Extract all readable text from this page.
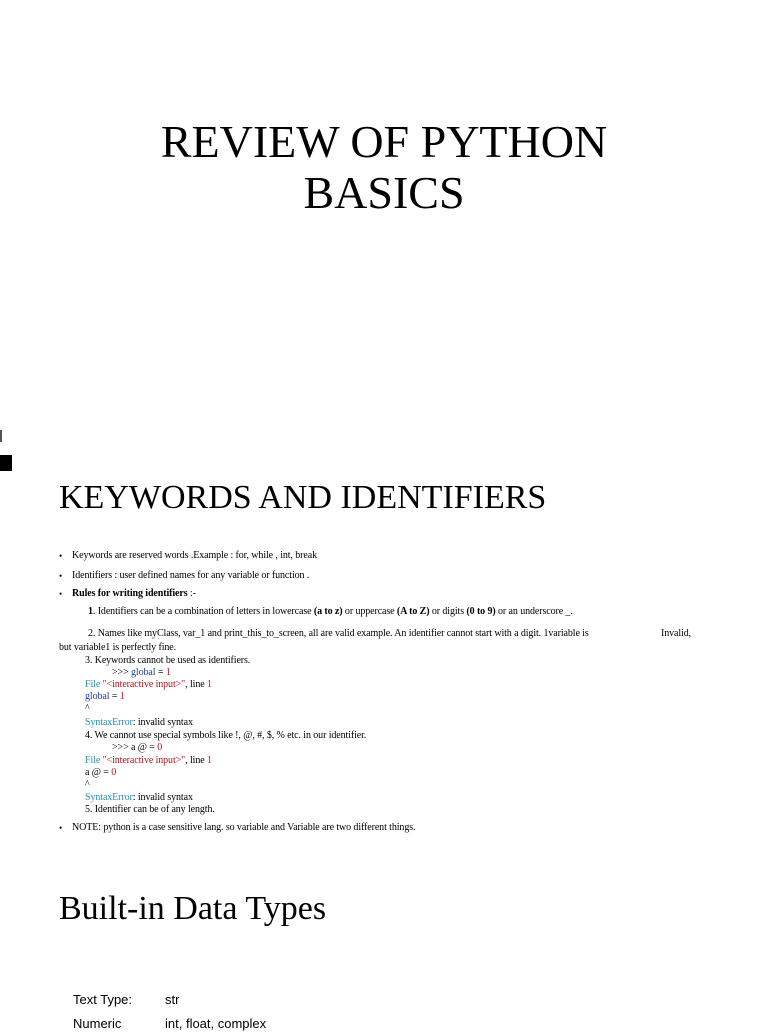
REVIEW OF PYTHON
BASICS
KEYWORDS AND IDENTIFIERS
• Keywords are reserved words .Example : for, while , int, break
• Identifiers : user defined names for any variable or function .
• Rules for writing identifiers :-
1. Identifiers can be a combination of letters in lowercase (a to z) or uppercase (A to Z) or digits (0 to 9) or an underscore _.
2. Names like myClass, var_1 and print_this_to_screen, all are valid example. An identifier cannot start with a digit. 1variable is	Invalid,
but variable1 is perfectly fine.
3. Keywords cannot be used as identifiers.
>>> global = 1
File "<interactive input>", line 1
global = 1
^
SyntaxError: invalid syntax
4. We cannot use special symbols like !, @, #, $, % etc. in our identifier.
>>> a @ = 0
File "<interactive input>", line 1
a @ = 0
^
SyntaxError: invalid syntax
5. Identifier can be of any length.
• NOTE: python is a case sensitive lang. so variable and Variable are two different things.
Built-in Data Types
Text Type:	str
Numeric	int, float, complex
